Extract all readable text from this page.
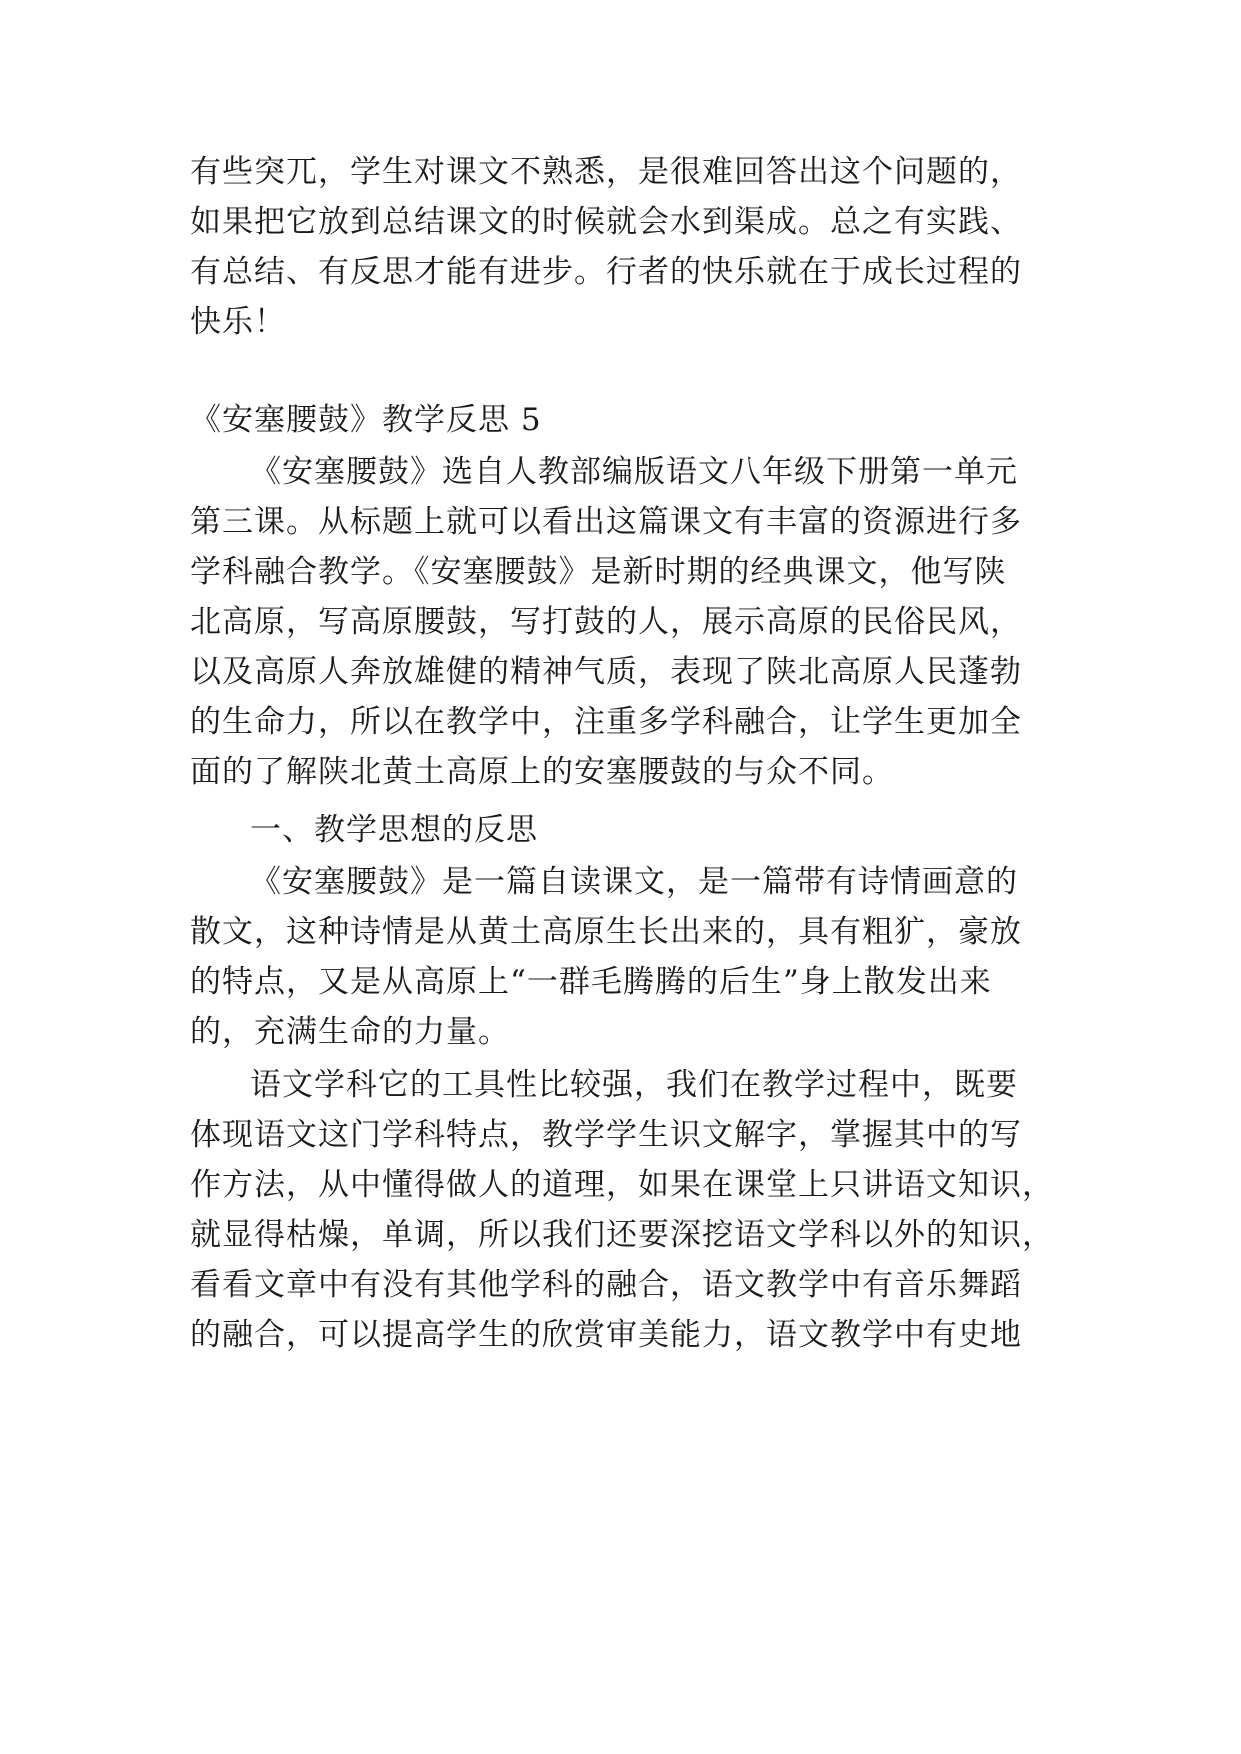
有些突兀，学生对课文不熟悉，是很难回答出这个问题的，
如果把它放到总结课文的时候就会水到渠成。总之有实践、
有总结、有反思才能有进步。行者的快乐就在于成长过程的
快乐！
《安塞腰鼓》教学反思 5
《安塞腰鼓》选自人教部编版语文八年级下册第一单元
第三课。从标题上就可以看出这篇课文有丰富的资源进行多
学科融合教学。《安塞腰鼓》是新时期的经典课文，他写陕
北高原，写高原腰鼓，写打鼓的人，展示高原的民俗民风，
以及高原人奔放雄健的精神气质，表现了陕北高原人民蓬勃
的生命力，所以在教学中，注重多学科融合，让学生更加全
面的了解陕北黄土高原上的安塞腰鼓的与众不同。
一、教学思想的反思
《安塞腰鼓》是一篇自读课文，是一篇带有诗情画意的
散文，这种诗情是从黄土高原生长出来的，具有粗犷，豪放
的特点，又是从高原上“一群毛腾腾的后生”身上散发出来
的，充满生命的力量。
语文学科它的工具性比较强，我们在教学过程中，既要
体现语文这门学科特点，教学学生识文解字，掌握其中的写
作方法，从中懂得做人的道理，如果在课堂上只讲语文知识，
就显得枯燥，单调，所以我们还要深挖语文学科以外的知识，
看看文章中有没有其他学科的融合，语文教学中有音乐舞蹈
的融合，可以提高学生的欣赏审美能力，语文教学中有史地
